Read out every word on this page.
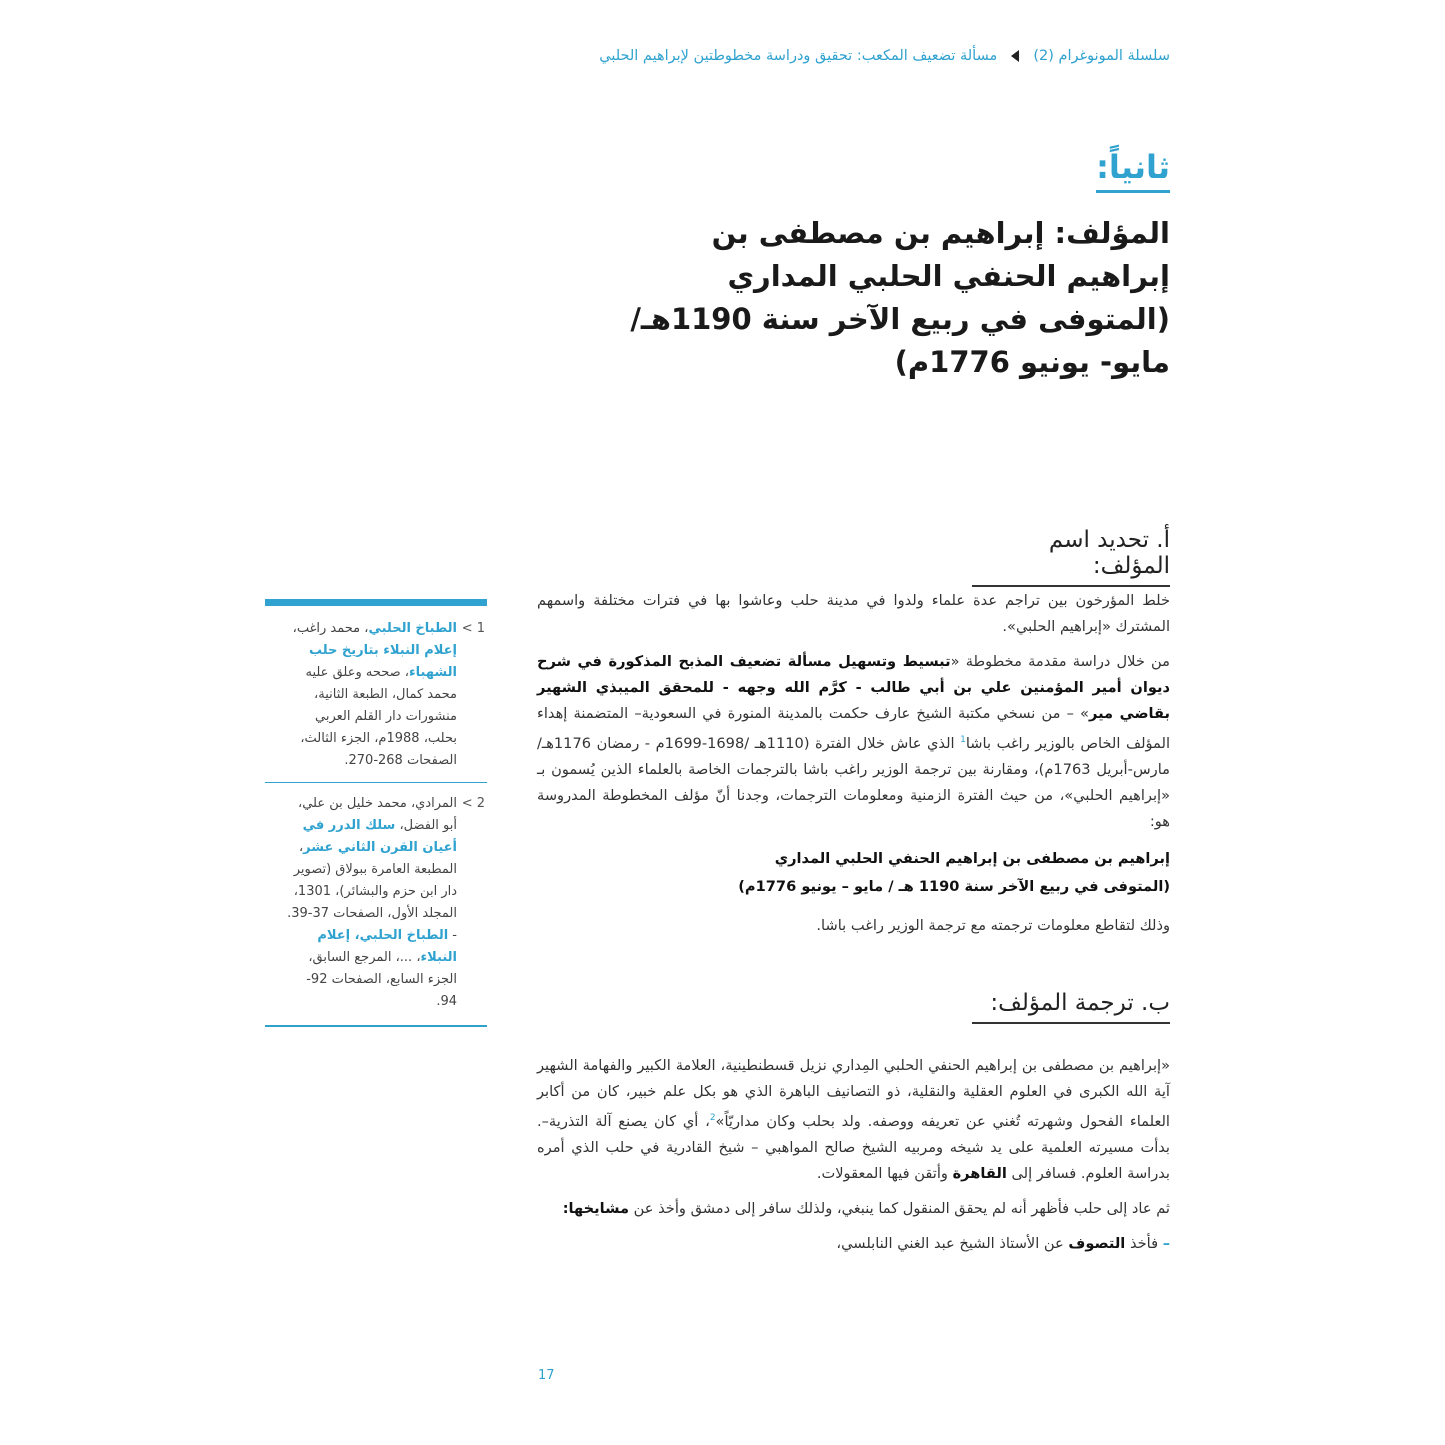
سلسلة المونوغرام (2)
مسألة تضعيف المكعب: تحقيق ودراسة مخطوطتين لإبراهيم الحلبي
ثانياً:
المؤلف: إبراهيم بن مصطفى بن إبراهيم الحنفي الحلبي المداري (المتوفى في ربيع الآخر سنة 1190هـ/ مايو- يونيو 1776م)
أ. تحديد اسم المؤلف:

خلط المؤرخون بين تراجم عدة علماء ولدوا في مدينة حلب وعاشوا بها في فترات مختلفة واسمهم المشترك «إبراهيم الحلبي».

من خلال دراسة مقدمة مخطوطة «تبسيط وتسهيل مسألة تضعيف المذبح المذكورة في شرح ديوان أمير المؤمنين علي بن أبي طالب - كرَّم الله وجهه - للمحقق الميبذي الشهير بقاضي مير» – من نسخي مكتبة الشيخ عارف حكمت بالمدينة المنورة في السعودية– المتضمنة إهداء المؤلف الخاص بالوزير راغب باشا$^1$ الذي عاش خلال الفترة (1110هـ /1698-1699م - رمضان 1176هـ/ مارس-أبريل 1763م)، ومقارنة بين ترجمة الوزير راغب باشا بالترجمات الخاصة بالعلماء الذين يُسمون بـ «إبراهيم الحلبي»، من حيث الفترة الزمنية ومعلومات الترجمات، وجدنا أنّ مؤلف المخطوطة المدروسة هو:

إبراهيم بن مصطفى بن إبراهيم الحنفي الحلبي المداري
(المتوفى في ربيع الآخر سنة 1190 هـ / مايو – يونيو 1776م)

وذلك لتقاطع معلومات ترجمته مع ترجمة الوزير راغب باشا.

ب. ترجمة المؤلف:

«إبراهيم بن مصطفى بن إبراهيم الحنفي الحلبي المِداري نزيل قسطنطينية، العلامة الكبير والفهامة الشهير آية الله الكبرى في العلوم العقلية والنقلية، ذو التصانيف الباهرة الذي هو بكل علم خبير، كان من أكابر العلماء الفحول وشهرته تُغني عن تعريفه ووصفه. ولد بحلب وكان مداريّاً»$^2$، أي كان يصنع آلة التذرية–. بدأت مسيرته العلمية على يد شيخه ومربيه الشيخ صالح المواهبي – شيخ القادرية في حلب الذي أمره بدراسة العلوم. فسافر إلى القاهرة وأتقن فيها المعقولات.

ثم عاد إلى حلب فأظهر أنه لم يحقق المنقول كما ينبغي، ولذلك سافر إلى دمشق وأخذ عن مشايخها:

– فأخذ التصوف عن الأستاذ الشيخ عبد الغني النابلسي،

1 >
الطباخ الحلبي، محمد راغب، إعلام النبلاء بتاريخ حلب الشهباء، صححه وعلق عليه محمد كمال، الطبعة الثانية، منشورات دار القلم العربي بحلب، 1988م، الجزء الثالث، الصفحات 268-270.
2 >
المرادي، محمد خليل بن علي، أبو الفضل، سلك الدرر في أعيان القرن الثاني عشر، المطبعة العامرة ببولاق (تصوير دار ابن حزم والبشائر)، 1301، المجلد الأول، الصفحات 37-39. - الطباخ الحلبي، إعلام النبلاء، ...، المرجع السابق، الجزء السابع، الصفحات 92-94.
17
